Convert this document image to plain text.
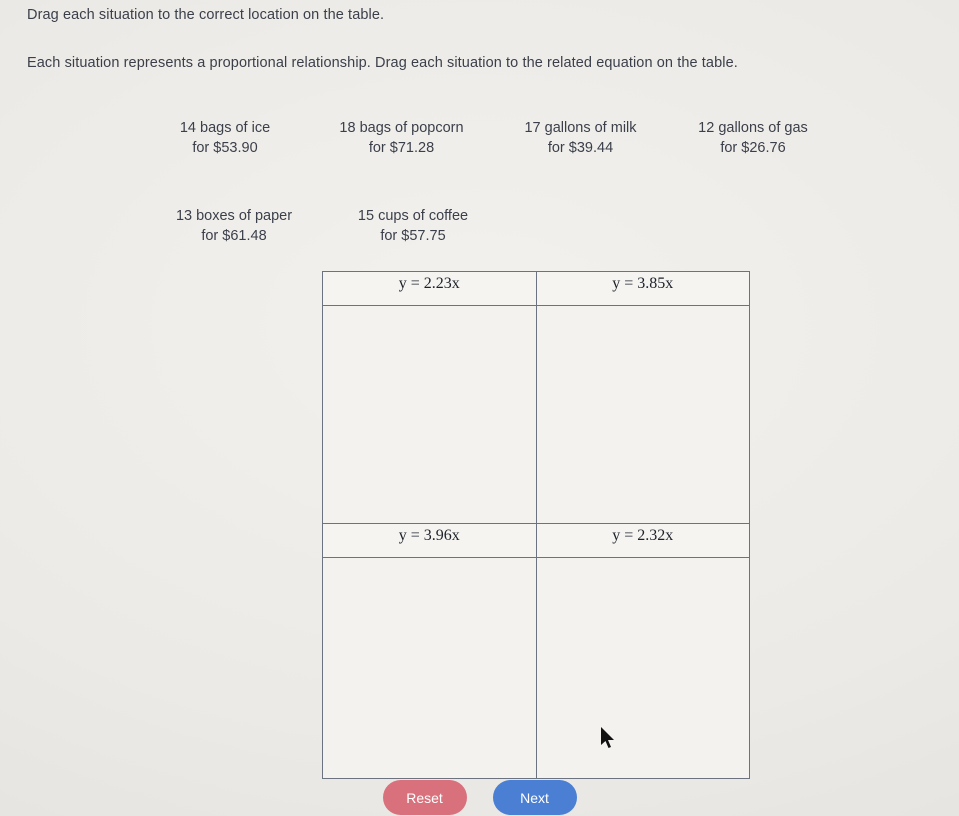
Drag each situation to the correct location on the table.
Each situation represents a proportional relationship. Drag each situation to the related equation on the table.
14 bags of ice
for $53.90
18 bags of popcorn
for $71.28
17 gallons of milk
for $39.44
12 gallons of gas
for $26.76
13 boxes of paper
for $61.48
15 cups of coffee
for $57.75
y = 2.23x	y = 3.85x

y = 3.96x	y = 2.32x

Reset	Next
